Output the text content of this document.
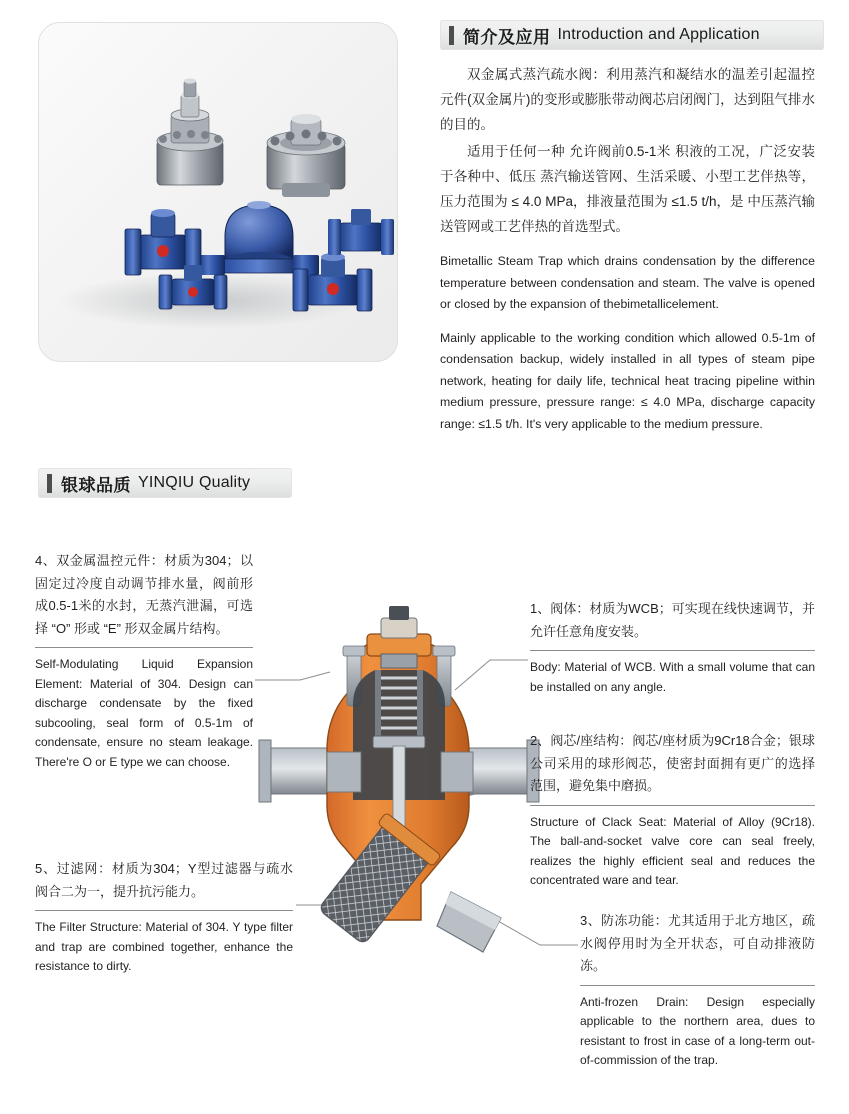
简介及应用 Introduction and Application
双金属式蒸汽疏水阀：利用蒸汽和凝结水的温差引起温控元件(双金属片)的变形或膨胀带动阀芯启闭阀门，达到阻气排水的目的。
适用于任何一种 允许阀前0.5-1米 积液的工况，广泛安装于各种中、低压 蒸汽输送管网、生活采暖、小型工艺伴热等，压力范围为 ≤ 4.0 MPa，排液量范围为 ≤1.5 t/h，是 中压蒸汽输送管网或工艺伴热的首选型式。
Bimetallic Steam Trap which drains condensation by the difference temperature between condensation and steam. The valve is opened or closed by the expansion of thebimetallicelement.
Mainly applicable to the working condition which allowed 0.5-1m of condensation backup, widely installed in all types of steam pipe network, heating for daily life, technical heat tracing pipeline within medium pressure, pressure range: ≤ 4.0 MPa, discharge capacity range: ≤1.5 t/h. It's very applicable to the medium pressure.
银球品质 YINQIU Quality
4、双金属温控元件：材质为304；以固定过冷度自动调节排水量，阀前形成0.5-1米的水封，无蒸汽泄漏，可选择 “O” 形或 “E” 形双金属片结构。
Self-Modulating Liquid Expansion Element: Material of 304. Design can discharge condensate by the fixed subcooling, seal form of 0.5-1m of condensate, ensure no steam leakage. There're O or E type we can choose.
5、过滤网：材质为304；Y型过滤器与疏水阀合二为一，提升抗污能力。
The Filter Structure: Material of 304. Y type filter and trap are combined together, enhance the resistance to dirty.
1、阀体：材质为WCB；可实现在线快速调节，并允许任意角度安装。
Body: Material of WCB. With a small volume that can be installed on any angle.
2、阀芯/座结构：阀芯/座材质为9Cr18合金；银球公司采用的球形阀芯，使密封面拥有更广的选择范围，避免集中磨损。
Structure of Clack Seat: Material of Alloy (9Cr18). The ball-and-socket valve core can seal freely, realizes the highly efficient seal and reduces the concentrated ware and tear.
3、防冻功能：尤其适用于北方地区，疏水阀停用时为全开状态，可自动排液防冻。
Anti-frozen Drain: Design especially applicable to the northern area, dues to resistant to frost in case of a long-term out-of-commission of the trap.
